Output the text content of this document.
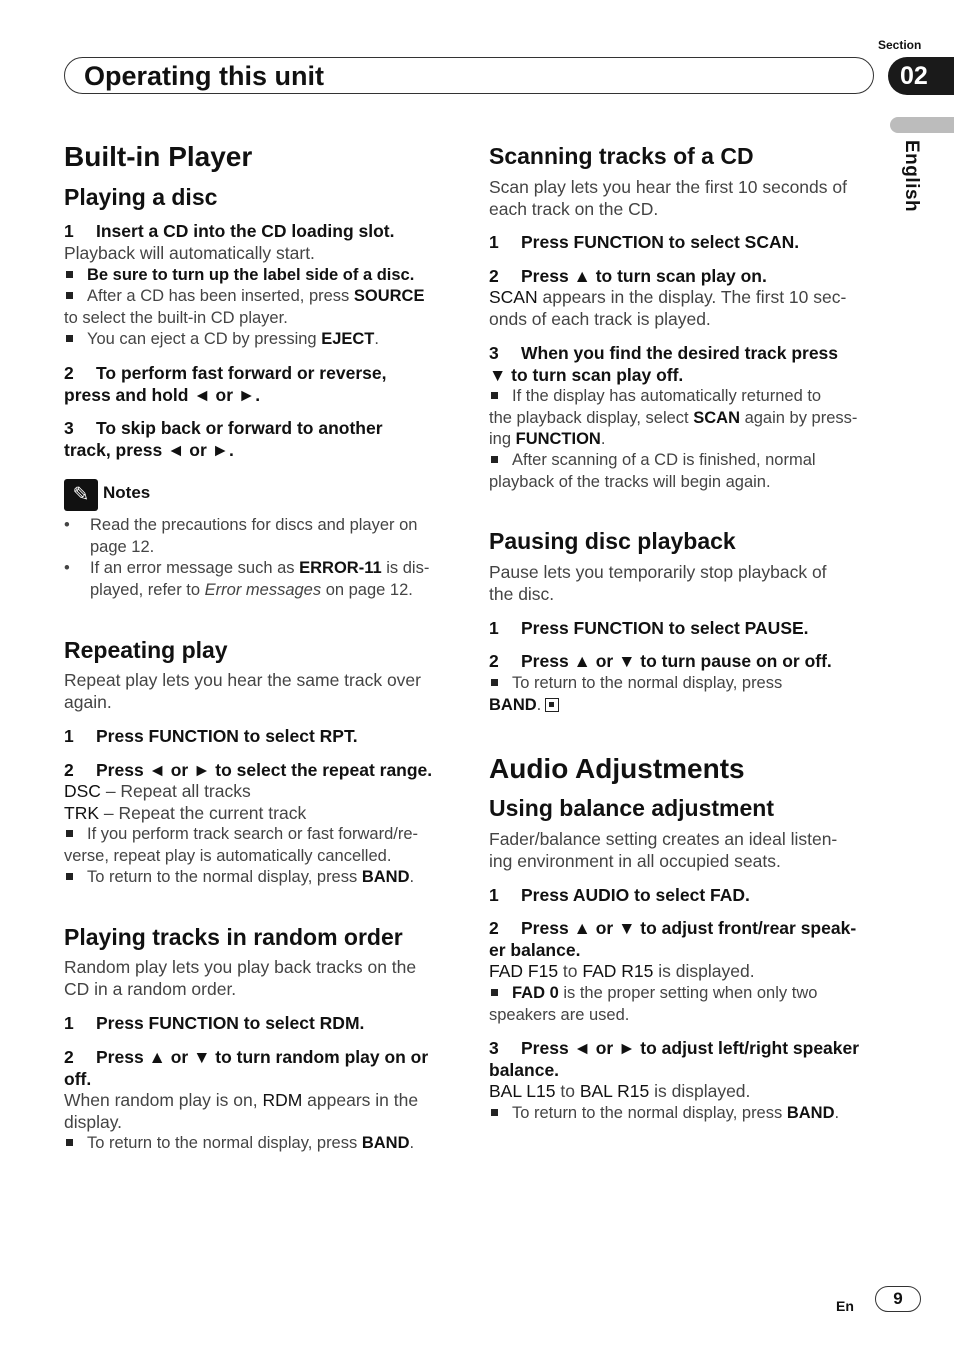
Section
Operating this unit	02
English
Built-in Player
Playing a disc
1 Insert a CD into the CD loading slot.
Playback will automatically start.
Be sure to turn up the label side of a disc.
After a CD has been inserted, press SOURCE
to select the built-in CD player.
You can eject a CD by pressing EJECT.
2 To perform fast forward or reverse,
press and hold ◄ or ►.
3 To skip back or forward to another
track, press ◄ or ►.
✎ Notes
• Read the precautions for discs and player on
page 12.
• If an error message such as ERROR-11 is dis-
played, refer to Error messages on page 12.
Repeating play
Repeat play lets you hear the same track over
again.
1 Press FUNCTION to select RPT.
2 Press ◄ or ► to select the repeat range.
DSC – Repeat all tracks
TRK – Repeat the current track
If you perform track search or fast forward/re-
verse, repeat play is automatically cancelled.
To return to the normal display, press BAND.
Playing tracks in random order
Random play lets you play back tracks on the
CD in a random order.
1 Press FUNCTION to select RDM.
2 Press ▲ or ▼ to turn random play on or
off.
When random play is on, RDM appears in the
display.
To return to the normal display, press BAND.
Scanning tracks of a CD
Scan play lets you hear the first 10 seconds of
each track on the CD.
1 Press FUNCTION to select SCAN.
2 Press ▲ to turn scan play on.
SCAN appears in the display. The first 10 sec-
onds of each track is played.
3 When you find the desired track press
▼ to turn scan play off.
If the display has automatically returned to
the playback display, select SCAN again by press-
ing FUNCTION.
After scanning of a CD is finished, normal
playback of the tracks will begin again.
Pausing disc playback
Pause lets you temporarily stop playback of
the disc.
1 Press FUNCTION to select PAUSE.
2 Press ▲ or ▼ to turn pause on or off.
To return to the normal display, press
BAND.
Audio Adjustments
Using balance adjustment
Fader/balance setting creates an ideal listen-
ing environment in all occupied seats.
1 Press AUDIO to select FAD.
2 Press ▲ or ▼ to adjust front/rear speak-
er balance.
FAD F15 to FAD R15 is displayed.
FAD 0 is the proper setting when only two
speakers are used.
3 Press ◄ or ► to adjust left/right speaker
balance.
BAL L15 to BAL R15 is displayed.
To return to the normal display, press BAND.
En	9
